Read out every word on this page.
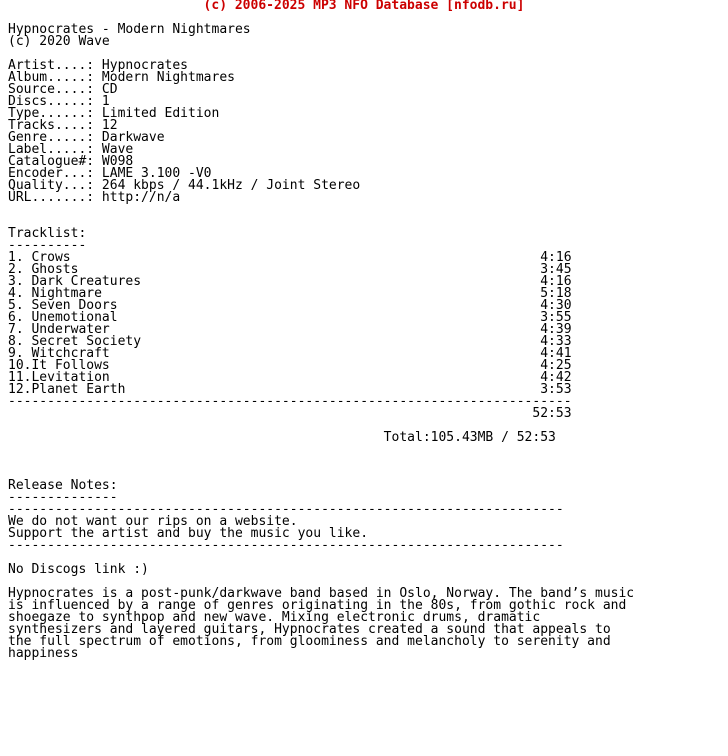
(c) 2006-2025 MP3 NFO Database [nfodb.ru]
Hypnocrates - Modern Nightmares
(c) 2020 Wave

Artist....: Hypnocrates
Album.....: Modern Nightmares
Source....: CD
Discs.....: 1
Type......: Limited Edition
Tracks....: 12
Genre.....: Darkwave
Label.....: Wave
Catalogue#: W098
Encoder...: LAME 3.100 -V0
Quality...: 264 kbps / 44.1kHz / Joint Stereo
URL.......: http://n/a

Tracklist:
----------
1. Crows                                                            4:16
2. Ghosts                                                           3:45
3. Dark Creatures                                                   4:16
4. Nightmare                                                        5:18
5. Seven Doors                                                      4:30
6. Unemotional                                                      3:55
7. Underwater                                                       4:39
8. Secret Society                                                   4:33
9. Witchcraft                                                       4:41
10.It Follows                                                       4:25
11.Levitation                                                       4:42
12.Planet Earth                                                     3:53
------------------------------------------------------------------------
52:53

Total:105.43MB / 52:53

Release Notes:
--------------
-----------------------------------------------------------------------
We do not want our rips on a website.
Support the artist and buy the music you like.
-----------------------------------------------------------------------

No Discogs link :)

Hypnocrates is a post-punk/darkwave band based in Oslo, Norway. The band’s music
is influenced by a range of genres originating in the 80s, from gothic rock and
shoegaze to synthpop and new wave. Mixing electronic drums, dramatic
synthesizers and layered guitars, Hypnocrates created a sound that appeals to
the full spectrum of emotions, from gloominess and melancholy to serenity and
happiness
